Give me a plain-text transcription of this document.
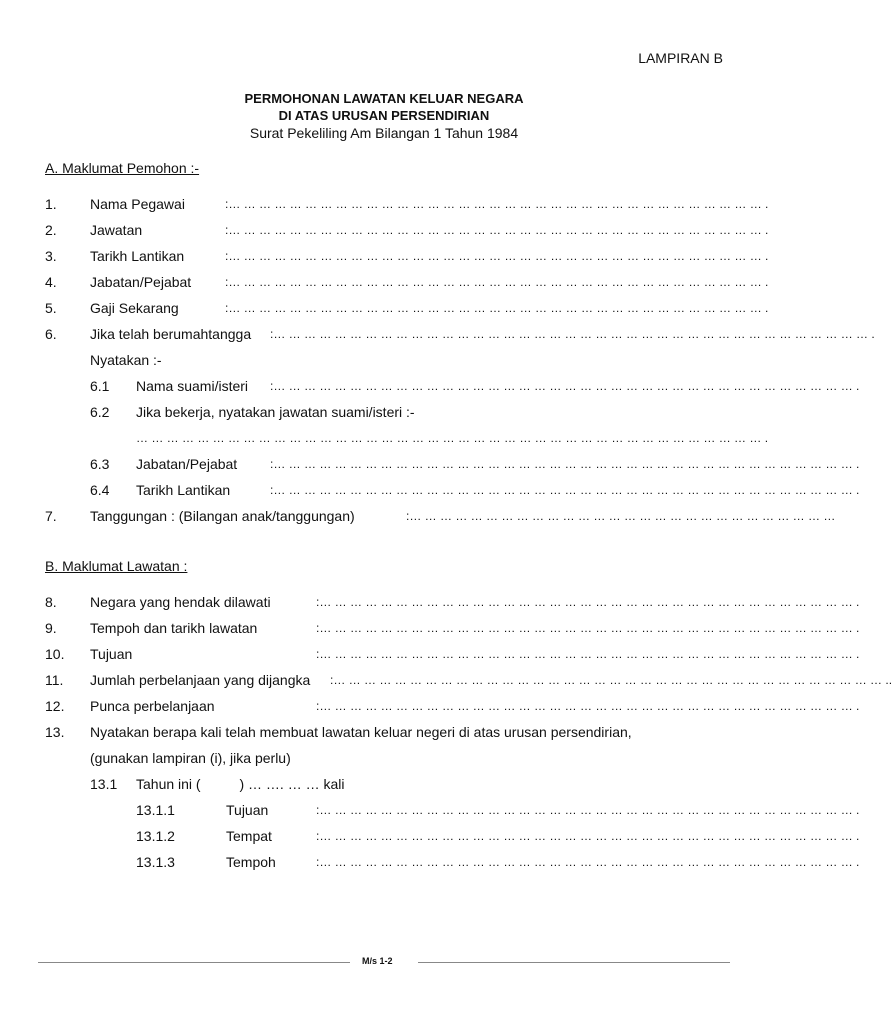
LAMPIRAN B
PERMOHONAN LAWATAN KELUAR NEGARA
DI ATAS URUSAN PERSENDIRIAN
Surat Pekeliling Am Bilangan 1 Tahun 1984
A. Maklumat Pemohon :-
1. Nama Pegawai	:… … … … … … … … … … … … … … … … … … … … … … … … … … … … … … … … … … … .
2. Jawatan	:… … … … … … … … … … … … … … … … … … … … … … … … … … … … … … … … … … … .
3. Tarikh Lantikan	:… … … … … … … … … … … … … … … … … … … … … … … … … … … … … … … … … … … .
4. Jabatan/Pejabat	:… … … … … … … … … … … … … … … … … … … … … … … … … … … … … … … … … … … .
5. Gaji Sekarang	:… … … … … … … … … … … … … … … … … … … … … … … … … … … … … … … … … … … .
6. Jika telah berumahtangga :… … … … … … … … … … … … … … … … … … … … … … … … … … … … … … … … … … … … … … … .
Nyatakan :-
6.1 Nama suami/isteri :… … … … … … … … … … … … … … … … … … … … … … … … … … … … … … … … … … … … … … .
6.2 Jika bekerja, nyatakan jawatan suami/isteri :-
… … … … … … … … … … … … … … … … … … … … … … … … … … … … … … … … … … … … … … … … … .
6.3 Jabatan/Pejabat	:… … … … … … … … … … … … … … … … … … … … … … … … … … … … … … … … … … … … … … .
6.4 Tarikh Lantikan	:… … … … … … … … … … … … … … … … … … … … … … … … … … … … … … … … … … … … … … .
7. Tanggungan : (Bilangan anak/tanggungan)	:… … … … … … … … … … … … … … … … … … … … … … … … … … … …
B. Maklumat Lawatan :
8. Negara yang hendak dilawati	:… … … … … … … … … … … … … … … … … … … … … … … … … … … … … … … … … … … .
9. Tempoh dan tarikh lawatan	:… … … … … … … … … … … … … … … … … … … … … … … … … … … … … … … … … … … .
10. Tujuan	:… … … … … … … … … … … … … … … … … … … … … … … … … … … … … … … … … … … .
11. Jumlah perbelanjaan yang dijangka :… … … … … … … … … … … … … … … … … … … … … … … … … … … … … … … … … … … … ..
12. Punca perbelanjaan	:… … … … … … … … … … … … … … … … … … … … … … … … … … … … … … … … … … … .
13. Nyatakan berapa kali telah membuat lawatan keluar negeri di atas urusan persendirian,
(gunakan lampiran (i), jika perlu)
13.1 Tahun ini (          ) … …. … … kali
13.1.1	Tujuan	:… … … … … … … … … … … … … … … … … … … … … … … … … … … … … … … … … … … .
13.1.2	Tempat	:… … … … … … … … … … … … … … … … … … … … … … … … … … … … … … … … … … … .
13.1.3	Tempoh	:… … … … … … … … … … … … … … … … … … … … … … … … … … … … … … … … … … … .
M/s 1-2
